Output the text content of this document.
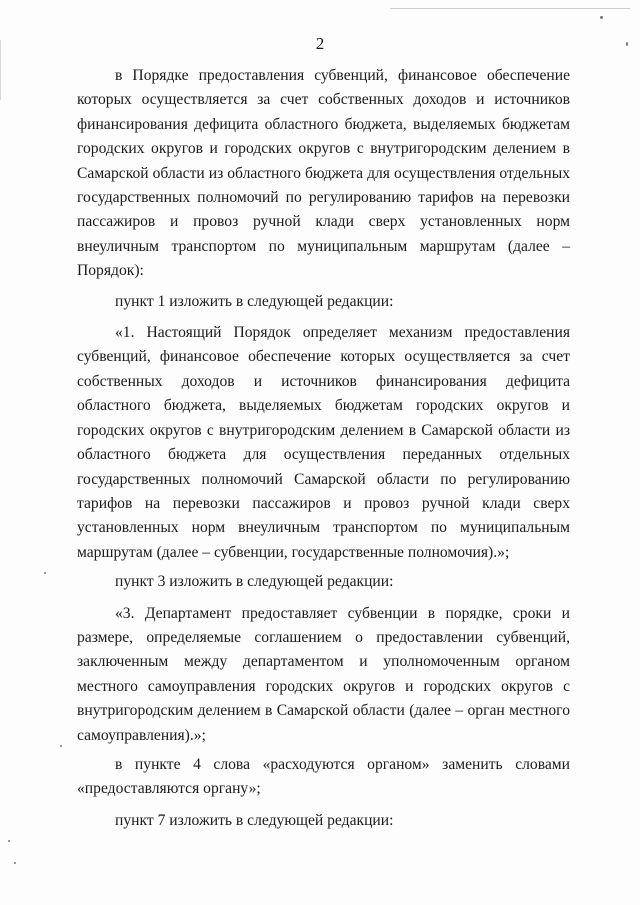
2

в Порядке предоставления субвенций, финансовое обеспечение которых осуществляется за счет собственных доходов и источников финансирования дефицита областного бюджета, выделяемых бюджетам городских округов и городских округов с внутригородским делением в Самарской области из областного бюджета для осуществления отдельных государственных полномочий по регулированию тарифов на перевозки пассажиров и провоз ручной клади сверх установленных норм внеуличным транспортом по муниципальным маршрутам (далее – Порядок):

пункт 1 изложить в следующей редакции:

«1. Настоящий Порядок определяет механизм предоставления субвенций, финансовое обеспечение которых осуществляется за счет собственных доходов и источников финансирования дефицита областного бюджета, выделяемых бюджетам городских округов и городских округов с внутригородским делением в Самарской области из областного бюджета для осуществления переданных отдельных государственных полномочий Самарской области по регулированию тарифов на перевозки пассажиров и провоз ручной клади сверх установленных норм внеуличным транспортом по муниципальным маршрутам (далее – субвенции, государственные полномочия).»;

пункт 3 изложить в следующей редакции:

«3. Департамент предоставляет субвенции в порядке, сроки и размере, определяемые соглашением о предоставлении субвенций, заключенным между департаментом и уполномоченным органом местного самоуправления городских округов и городских округов с внутригородским делением в Самарской области (далее – орган местного самоуправления).»;

в пункте 4 слова «расходуются органом» заменить словами «предоставляются органу»;

пункт 7 изложить в следующей редакции:
